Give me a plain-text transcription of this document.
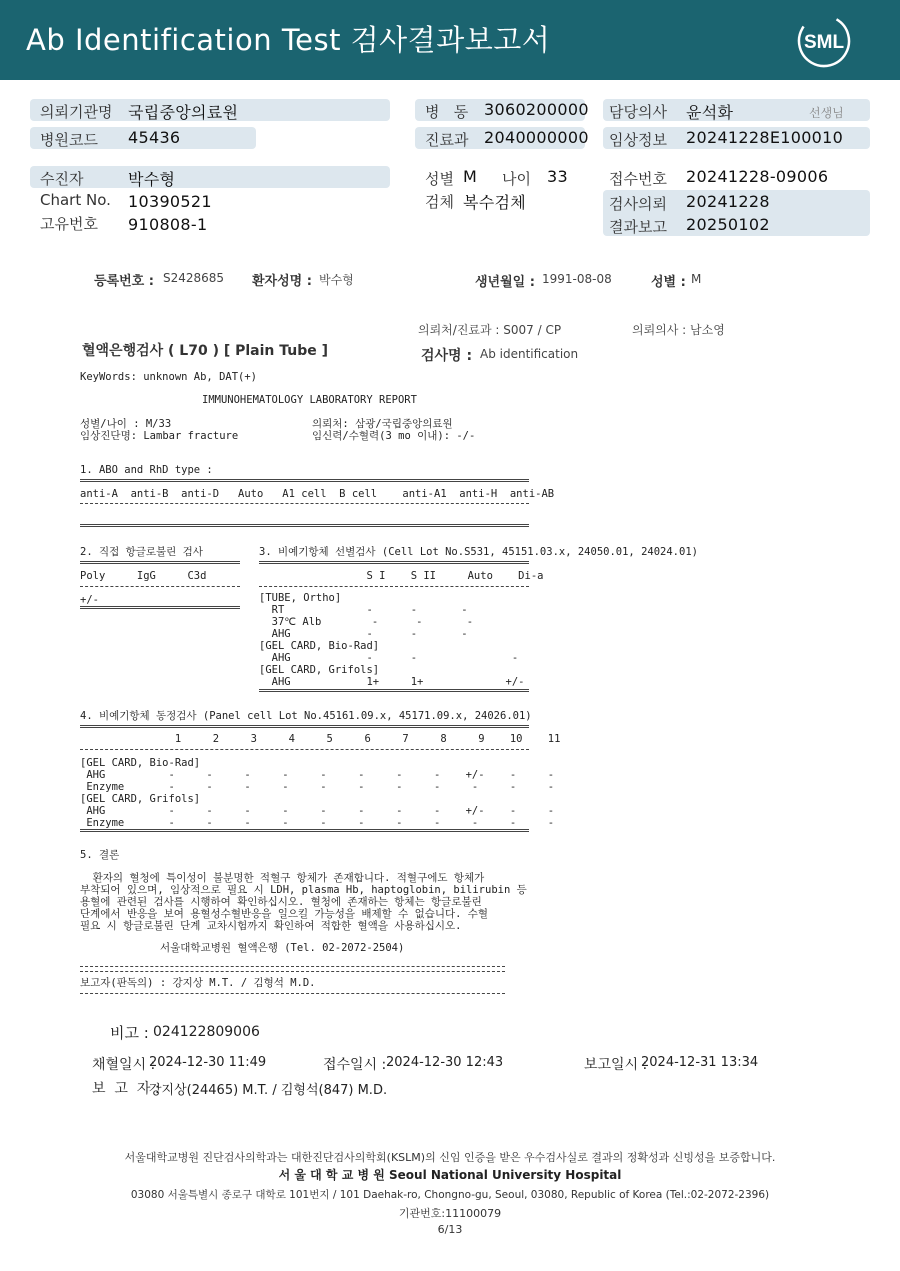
Ab Identification Test 검사결과보고서	SML
의뢰기관명 국립중앙의료원
병원코드 45436
병   동 3060200000
진료과 2040000000
담당의사 윤석화	선생님
임상정보 20241228E100010
수진자	박수형
Chart No. 10390521
고유번호 910808-1
성별 M 나이 33
검체 복수검체
접수번호 20241228-09006
검사의뢰 20241228
결과보고 20250102
등록번호 : S2428685 환자성명 : 박수형	생년월일 : 1991-08-08	성별 : M
의뢰처/진료과 : S007 / CP	의뢰의사 : 남소영
혈액은행검사 ( L70 ) [ Plain Tube ]	검사명 : Ab identification
KeyWords: unknown Ab, DAT(+)
IMMUNOHEMATOLOGY LABORATORY REPORT
성별/나이 : M/33
임상진단명: Lambar fracture
의뢰처: 삼광/국립중앙의료원
임신력/수혈력(3 mo 이내): -/-
1. ABO and RhD type :
anti-A  anti-B  anti-D   Auto   A1 cell  B cell    anti-A1  anti-H  anti-AB
2. 직접 항글로불린 검사
Poly     IgG     C3d
+/-
3. 비예기항체 선별검사 (Cell Lot No.S531, 45151.03.x, 24050.01, 24024.01)
S I    S II     Auto    Di-a
[TUBE, Ortho]
RT             -      -       -
37℃ Alb        -      -       -
AHG            -      -       -
[GEL CARD, Bio-Rad]
AHG            -      -               -
[GEL CARD, Grifols]
AHG            1+     1+             +/-
4. 비예기항체 동정검사 (Panel cell Lot No.45161.09.x, 45171.09.x, 24026.01)
1     2     3     4     5     6     7     8     9    10    11
[GEL CARD, Bio-Rad]
AHG          -     -     -     -     -     -     -     -    +/-    -     -
Enzyme       -     -     -     -     -     -     -     -     -     -     -
[GEL CARD, Grifols]
AHG          -     -     -     -     -     -     -     -    +/-    -     -
Enzyme       -     -     -     -     -     -     -     -     -     -     -
5. 결론
환자의 혈청에 특이성이 불분명한 적혈구 항체가 존재합니다. 적혈구에도 항체가
부착되어 있으며, 임상적으로 필요 시 LDH, plasma Hb, haptoglobin, bilirubin 등
용혈에 관련된 검사를 시행하여 확인하십시오. 혈청에 존재하는 항체는 항글로불린
단계에서 반응을 보여 용혈성수혈반응을 일으킬 가능성을 배제할 수 없습니다. 수혈
필요 시 항글로불린 단계 교차시험까지 확인하여 적합한 혈액을 사용하십시오.
서울대학교병원 혈액은행 (Tel. 02-2072-2504)
보고자(판독의) : 강지상 M.T. / 김형석 M.D.
비고 : 024122809006
채혈일시 :
2024-12-30 11:49	접수일시 : 2024-12-30 12:43	보고일시 :
2024-12-31 13:34
보  고  자 :
강지상(24465) M.T. / 김형석(847) M.D.
서울대학교병원 진단검사의학과는 대한진단검사의학회(KSLM)의 신임 인증을 받은 우수검사실로 결과의 정확성과 신빙성을 보증합니다.
서 울 대 학 교 병 원 Seoul National University Hospital
03080 서울특별시 종로구 대학로 101번지 / 101 Daehak-ro, Chongno-gu, Seoul, 03080, Republic of Korea (Tel.:02-2072-2396)
기관번호:11100079
6/13
